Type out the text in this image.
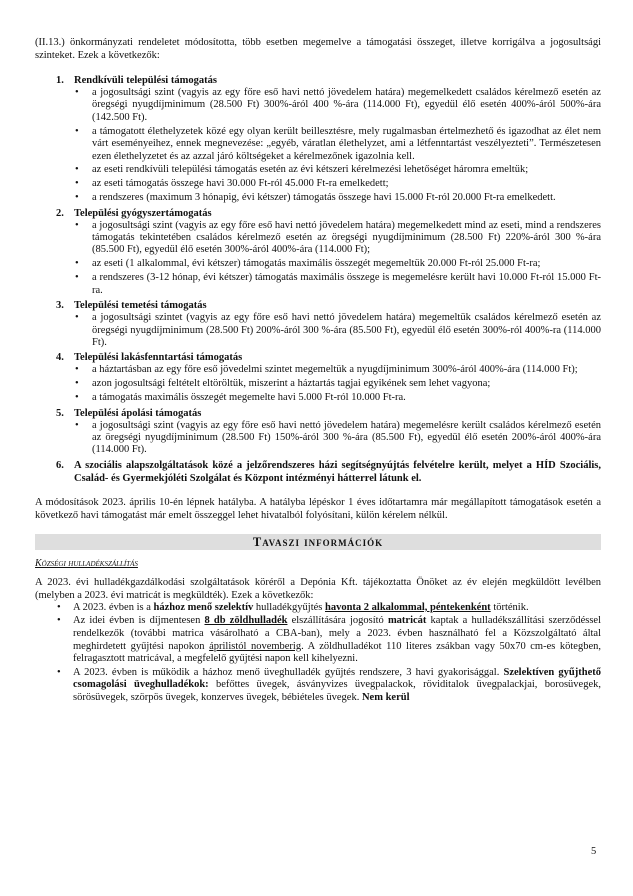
(II.13.) önkormányzati rendeletet módosította, több esetben megemelve a támogatási összeget, illetve korrigálva a jogosultsági szinteket. Ezek a következők:

1. Rendkívüli települési támogatás
• a jogosultsági szint (vagyis az egy főre eső havi nettó jövedelem határa) megemelkedett családos kérelmező esetén az öregségi nyugdíjminimum (28.500 Ft) 300%-áról 400 %-ára (114.000 Ft), egyedül élő esetén 400%-áról 500%-ára (142.500 Ft).
• a támogatott élethelyzetek közé egy olyan került beillesztésre, mely rugalmasban értelmezhető és igazodhat az élet nem várt eseményeihez, ennek megnevezése: „egyéb, váratlan élethelyzet, ami a létfenntartást veszélyezteti”. Természetesen ezen élethelyzetet és az azzal járó költségeket a kérelmezőnek igazolnia kell.
• az eseti rendkívüli települési támogatás esetén az évi kétszeri kérelmezési lehetőséget háromra emeltük;
• az eseti támogatás összege havi 30.000 Ft-ról 45.000 Ft-ra emelkedett;
• a rendszeres (maximum 3 hónapig, évi kétszer) támogatás összege havi 15.000 Ft-ról 20.000 Ft-ra emelkedett.
2. Települési gyógyszertámogatás
• a jogosultsági szint (vagyis az egy főre eső havi nettó jövedelem határa) megemelkedett mind az eseti, mind a rendszeres támogatás tekintetében családos kérelmező esetén az öregségi nyugdíjminimum (28.500 Ft) 220%-áról 300 %-ára (85.500 Ft), egyedül élő esetén 300%-áról 400%-ára (114.000 Ft);
• az eseti (1 alkalommal, évi kétszer) támogatás maximális összegét megemeltük 20.000 Ft-ról 25.000 Ft-ra;
• a rendszeres (3-12 hónap, évi kétszer) támogatás maximális összege is megemelésre került havi 10.000 Ft-ról 15.000 Ft-ra.
3. Települési temetési támogatás
• a jogosultsági szintet (vagyis az egy főre eső havi nettó jövedelem határa) megemeltük családos kérelmező esetén az öregségi nyugdíjminimum (28.500 Ft) 200%-áról 300 %-ára (85.500 Ft), egyedül élő esetén 300%-ról 400%-ra (114.000 Ft).
4. Települési lakásfenntartási támogatás
• a háztartásban az egy főre eső jövedelmi szintet megemeltük a nyugdíjminimum 300%-áról 400%-ára (114.000 Ft);
• azon jogosultsági feltételt eltöröltük, miszerint a háztartás tagjai egyikének sem lehet vagyona;
• a támogatás maximális összegét megemelte havi 5.000 Ft-ról 10.000 Ft-ra.
5. Települési ápolási támogatás
• a jogosultsági szint (vagyis az egy főre eső havi nettó jövedelem határa) megemelésre került családos kérelmező esetén az öregségi nyugdíjminimum (28.500 Ft) 150%-áról 300 %-ára (85.500 Ft), egyedül élő esetén 200%-áról 400%-ára (114.000 Ft).
6. A szociális alapszolgáltatások közé a jelzőrendszeres házi segítségnyújtás felvételre került, melyet a HÍD Szociális, Család- és Gyermekjóléti Szolgálat és Központ intézményi hátterrel látunk el.

A módosítások 2023. április 10-én lépnek hatályba. A hatályba lépéskor 1 éves időtartamra már megállapított támogatások esetén a következő havi támogatást már emelt összeggel lehet hivatalból folyósítani, külön kérelem nélkül.

Tavaszi információk
Községi hulladékszállítás

A 2023. évi hulladékgazdálkodási szolgáltatások köréről a Depónia Kft. tájékoztatta Önöket az év elején megküldött levélben (melyben a 2023. évi matricát is megküldték). Ezek a következők:

• A 2023. évben is a házhoz menő szelektív hulladékgyűjtés havonta 2 alkalommal, péntekenként történik.
• Az idei évben is díjmentesen 8 db zöldhulladék elszállítására jogosító matricát kaptak a hulladékszállítási szerződéssel rendelkezők (további matrica vásárolható a CBA-ban), mely a 2023. évben használható fel a Közszolgáltató által meghirdetett gyűjtési napokon áprilistól novemberig. A zöldhulladékot 110 literes zsákban vagy 50x70 cm-es kötegben, felragasztott matricával, a megfelelő gyűjtési napon kell kihelyezni.
• A 2023. évben is működik a házhoz menő üveghulladék gyűjtés rendszere, 3 havi gyakorisággal. Szelektíven gyűjthető csomagolási üveghulladékok: befőttes üvegek, ásványvizes üvegpalackok, röviditalok üvegpalackjai, borosüvegek, sörösüvegek, szörpös üvegek, konzerves üvegek, bébiételes üvegek. Nem kerül
5
